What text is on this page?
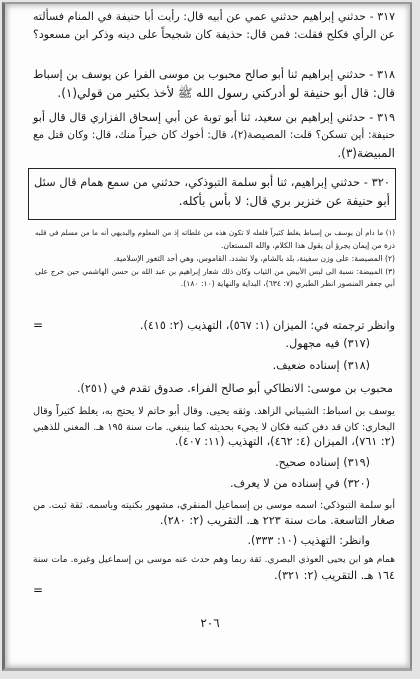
٣١٧ - حدثني إبراهيم حدثني عمي عن أبيه قال: رأيت أبا حنيفة في المنام فسألته
عن الرأي فكلح فقلت: فمن قال: حذيفة كان شجيحاً على دينه وذكر ابن مسعود؟
٣١٨ - حدثني إبراهيم ثنا أبو صالح محبوب بن موسى الفرا عن يوسف بن إسباط
قال: قال أبو حنيفة لو أدركني رسول الله ﷺ لأخذ بكثير من قولي(١).
٣١٩ - حدثني إبراهيم بن سعيد، ثنا أبو توبة عن أبي إسحاق الفزاري قال قال أبو
حنيفة: أين تسكن؟ قلت: المصيصة(٢)، قال: أخوك كان خيراً منك، قال: وكان قتل مع
المبيضة(٣).
٣٢٠ - حدثني إبراهيم، ثنا أبو سلمة التبوذكي، حدثني من سمع همام قال سئل
أبو حنيفة عن خنزير بري قال: لا بأس بأكله.
(١) ما دام أن يوسف بن إسباط يغلط كثيراً فلعله لا تكون هذه من غلطاته إذ من المعلوم والبديهي أنه ما من مسلم في قلبه
ذرة من إيمان يجرؤ أن يقول هذا الكلام، والله المستعان.
(٢) المصيصة: على وزن سفينة، بلد بالشام، ولا تشدد. القاموس، وهي أحد الثغور الإسلامية.
(٣) المبيضة: نسبة الى لبس الأبيض من الثياب وكان ذلك شعار إبراهيم بن عبد الله بن حسن الهاشمي حين خرج على
أبي جعفر المنصور انظر الطبري (٧: ٦٣٤)، البداية والنهاية (١٠: ١٨٠).
=	وانظر ترجمته في: الميزان (١: ٥٦٧)، التهذيب (٢: ٤١٥).
(٣١٧) فيه مجهول.
(٣١٨) إسناده ضعيف.
محبوب بن موسى: الانطاكي أبو صالح الفراء. صدوق تقدم في (٢٥١).
يوسف بن اسباط: الشيباني الزاهد. وثقه يحيى. وقال أبو حاتم لا يحتج به، يغلط كثيراً وقال
البخاري: كان قد دفن كتبه فكان لا يجيء بحديثه كما ينبغي. مات سنة ١٩٥ هـ. المغني للذهبي
(٢: ٧٦١)، الميزان (٤: ٤٦٢)، التهذيب (١١: ٤٠٧).
(٣١٩) إسناده صحيح.
(٣٢٠) في إسناده من لا يعرف.
أبو سلمة التبوذكي: اسمه موسى بن إسماعيل المنقري، مشهور بكنيته وباسمه. ثقة ثبت. من
صغار التاسعة. مات سنة ٢٢٣ هـ. التقريب (٢: ٢٨٠).
وانظر: التهذيب (١٠: ٣٣٣).
همام هو ابن يحيى العوذي البصري. ثقة ربما وهم حدث عنه موسى بن إسماعيل وغيره. مات سنة
١٦٤ هـ. التقريب (٢: ٣٢١).
=
٢٠٦
